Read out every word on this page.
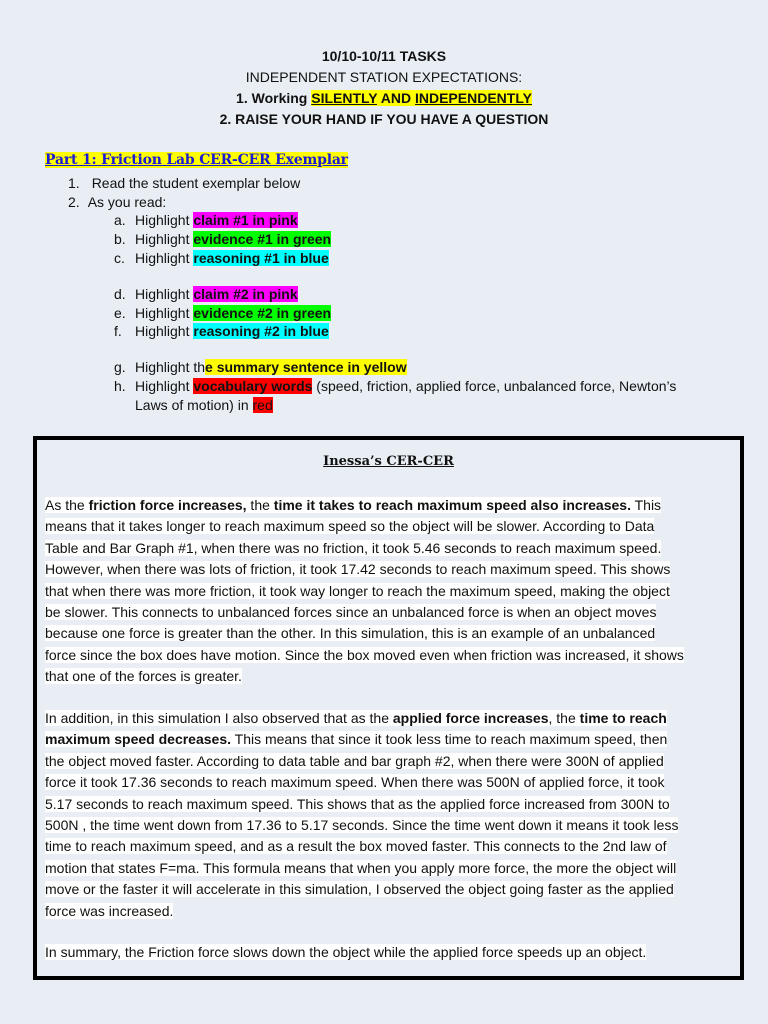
10/10-10/11 TASKS
INDEPENDENT STATION EXPECTATIONS:
1. Working SILENTLY AND INDEPENDENTLY
2. RAISE YOUR HAND IF YOU HAVE A QUESTION
Part 1: Friction Lab CER-CER Exemplar
1. Read the student exemplar below
2. As you read:
a. Highlight claim #1 in pink
b. Highlight evidence #1 in green
c. Highlight reasoning #1 in blue
d. Highlight claim #2 in pink
e. Highlight evidence #2 in green
f. Highlight reasoning #2 in blue
g. Highlight the summary sentence in yellow
h. Highlight vocabulary words (speed, friction, applied force, unbalanced force, Newton’s
Laws of motion) in red
Inessa’s CER-CER
As the friction force increases, the time it takes to reach maximum speed also increases. This
means that it takes longer to reach maximum speed so the object will be slower. According to Data
Table and Bar Graph #1, when there was no friction, it took 5.46 seconds to reach maximum speed.
However, when there was lots of friction, it took 17.42 seconds to reach maximum speed. This shows
that when there was more friction, it took way longer to reach the maximum speed, making the object
be slower. This connects to unbalanced forces since an unbalanced force is when an object moves
because one force is greater than the other. In this simulation, this is an example of an unbalanced
force since the box does have motion. Since the box moved even when friction was increased, it shows
that one of the forces is greater.
In addition, in this simulation I also observed that as the applied force increases, the time to reach
maximum speed decreases. This means that since it took less time to reach maximum speed, then
the object moved faster. According to data table and bar graph #2, when there were 300N of applied
force it took 17.36 seconds to reach maximum speed. When there was 500N of applied force, it took
5.17 seconds to reach maximum speed. This shows that as the applied force increased from 300N to
500N , the time went down from 17.36 to 5.17 seconds. Since the time went down it means it took less
time to reach maximum speed, and as a result the box moved faster. This connects to the 2nd law of
motion that states F=ma. This formula means that when you apply more force, the more the object will
move or the faster it will accelerate in this simulation, I observed the object going faster as the applied
force was increased.
In summary, the Friction force slows down the object while the applied force speeds up an object.
